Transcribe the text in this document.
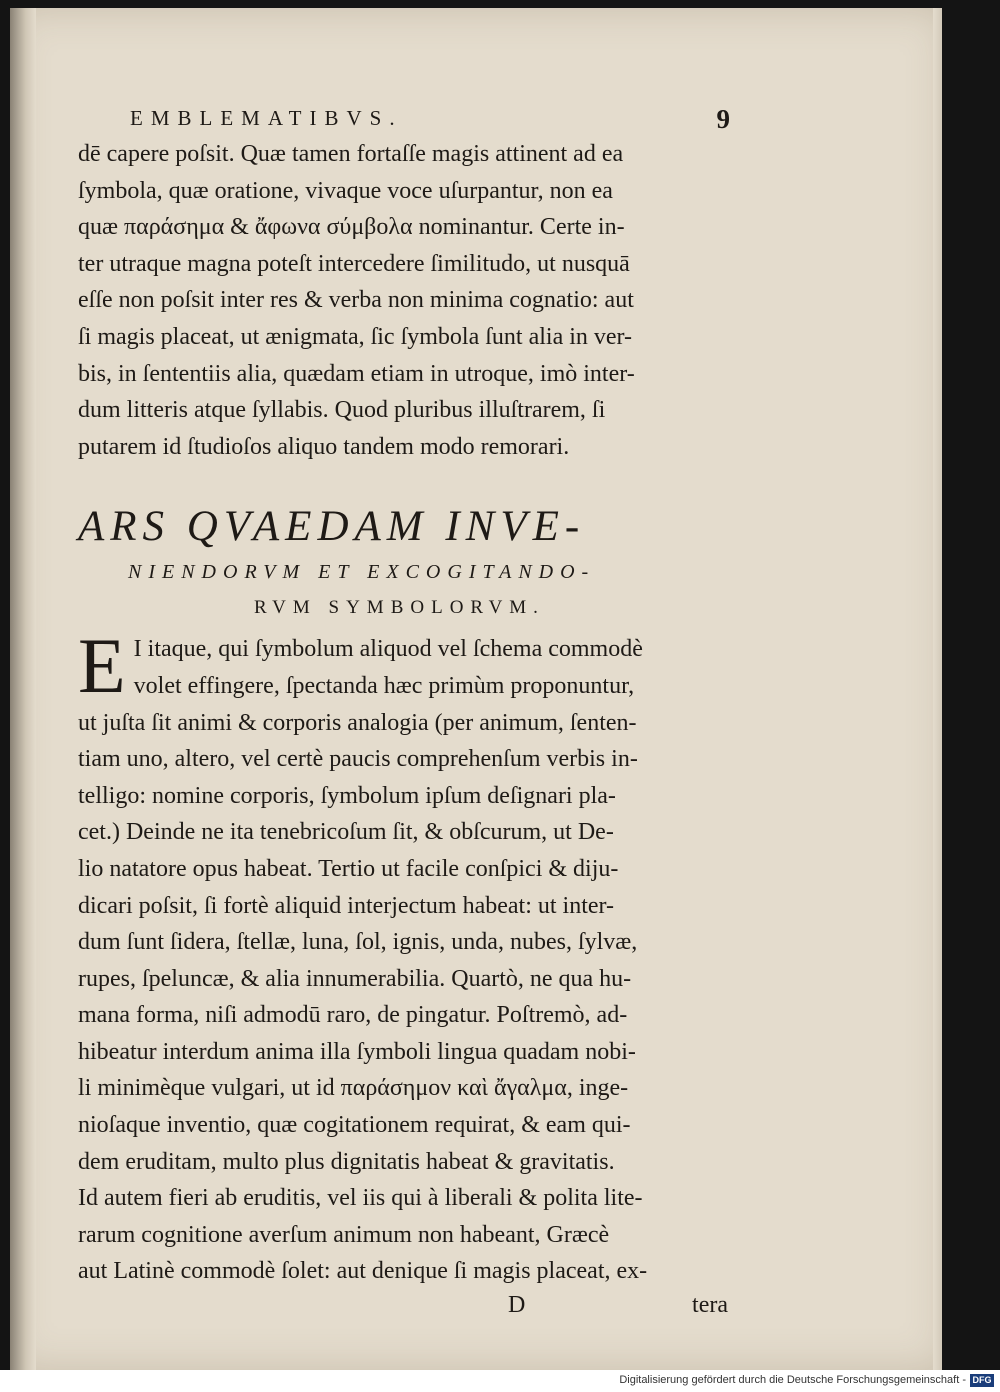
EMBLEMATIBVS.	9

dē capere poſsit. Quæ tamen fortaſſe magis attinent ad ea
ſymbola, quæ oratione, vivaque voce uſurpantur, non ea
quæ παράσημα & ἄφωνα σύμβολα nominantur. Certe in-
ter utraque magna poteſt intercedere ſimilitudo, ut nusquā
eſſe non poſsit inter res & verba non minima cognatio: aut
ſi magis placeat, ut ænigmata, ſic ſymbola ſunt alia in ver-
bis, in ſententiis alia, quædam etiam in utroque, imò inter-
dum litteris atque ſyllabis. Quod pluribus illuſtrarem, ſi
putarem id ſtudioſos aliquo tandem modo remorari.

ARS QVAEDAM INVE-
NIENDORVM ET EXCOGITANDO-
RVM SYMBOLORVM.
E I itaque, qui ſymbolum aliquod vel ſchema commodè
volet effingere, ſpectanda hæc primùm proponuntur,
ut juſta ſit animi & corporis analogia (per animum, ſenten-
tiam uno, altero, vel certè paucis comprehenſum verbis in-
telligo: nomine corporis, ſymbolum ipſum deſignari pla-
cet.) Deinde ne ita tenebricoſum ſit, & obſcurum, ut De-
lio natatore opus habeat. Tertio ut facile conſpici & diju-
dicari poſsit, ſi fortè aliquid interjectum habeat: ut inter-
dum ſunt ſidera, ſtellæ, luna, ſol, ignis, unda, nubes, ſylvæ,
rupes, ſpeluncæ, & alia innumerabilia. Quartò, ne qua hu-
mana forma, niſi admodū raro, de pingatur. Poſtremò, ad-
hibeatur interdum anima illa ſymboli lingua quadam nobi-
li minimèque vulgari, ut id παράσημον καὶ ἄγαλμα, inge-
nioſaque inventio, quæ cogitationem requirat, & eam qui-
dem eruditam, multo plus dignitatis habeat & gravitatis.
Id autem fieri ab eruditis, vel iis qui à liberali & polita lite-
rarum cognitione averſum animum non habeant, Græcè
aut Latinè commodè ſolet: aut denique ſi magis placeat, ex-
D	tera
Digitalisierung gefördert durch die Deutsche Forschungsgemeinschaft - DFG
